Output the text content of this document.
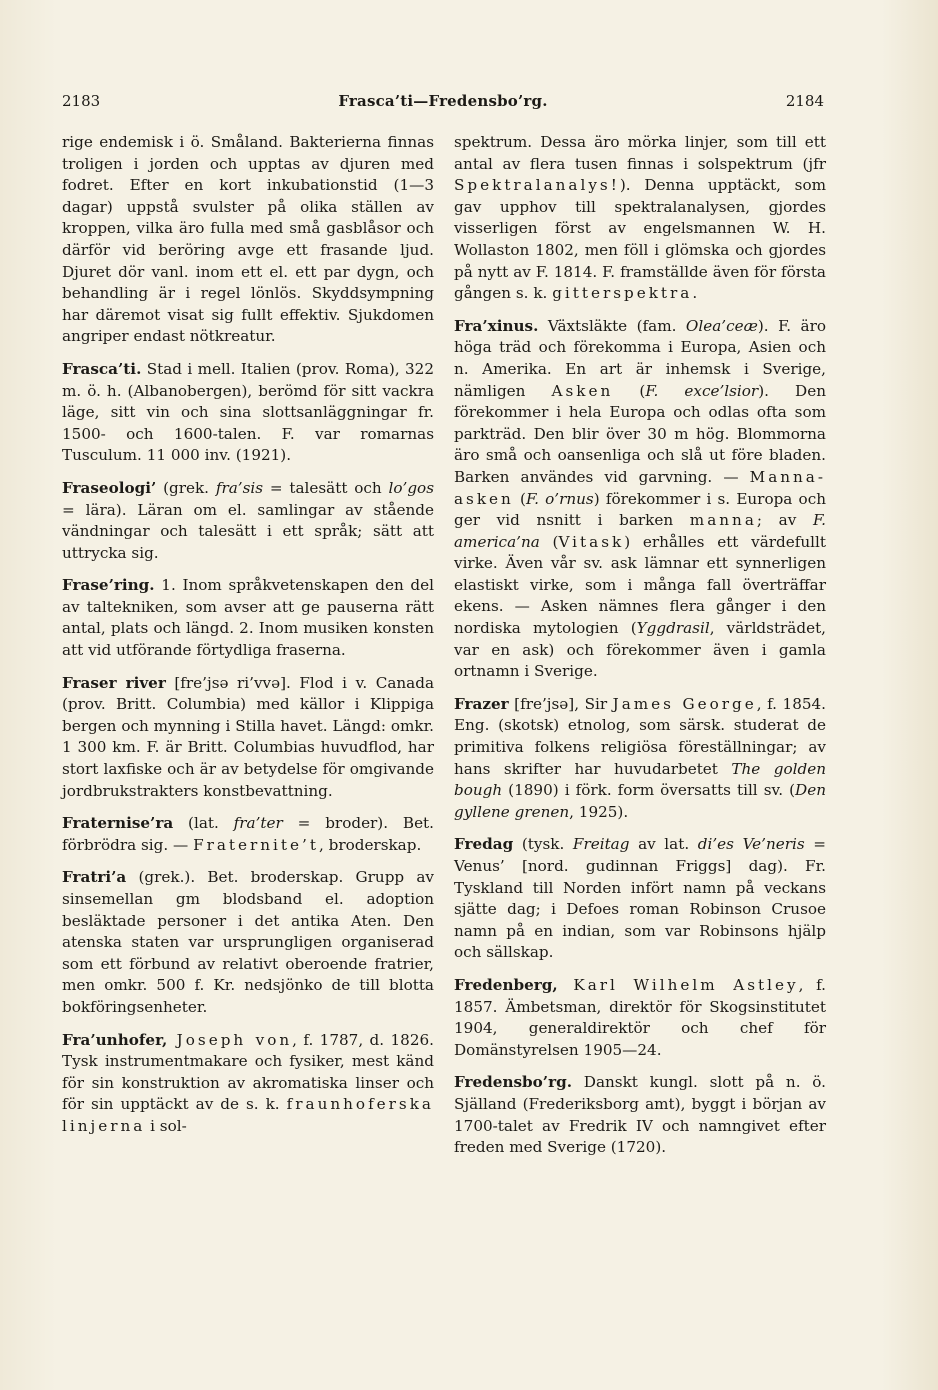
2183	Frasca’ti—Fredensbo’rg.	2184

rige endemisk i ö. Småland. Bakterierna finnas troligen i jorden och upptas av djuren med fodret. Efter en kort inkubationstid (1—3 dagar) uppstå svulster på olika ställen av kroppen, vilka äro fulla med små gasblåsor och därför vid beröring avge ett frasande ljud. Djuret dör vanl. inom ett el. ett par dygn, och behandling är i regel lönlös. Skyddsympning har däremot visat sig fullt effektiv. Sjukdomen angriper endast nötkreatur.

Frasca’ti. Stad i mell. Italien (prov. Roma), 322 m. ö. h. (Albanobergen), berömd för sitt vackra läge, sitt vin och sina slottsanläggningar fr. 1500- och 1600-talen. F. var romarnas Tusculum. 11 000 inv. (1921).

Fraseologi’ (grek. fra’sis = talesätt och lo’gos = lära). Läran om el. samlingar av stående vändningar och talesätt i ett språk; sätt att uttrycka sig.

Frase’ring. 1. Inom språkvetenskapen den del av taltekniken, som avser att ge pauserna rätt antal, plats och längd. 2. Inom musiken konsten att vid utförande förtydliga fraserna.

Fraser river [fre’jsə ri’vvə]. Flod i v. Canada (prov. Britt. Columbia) med källor i Klippiga bergen och mynning i Stilla havet. Längd: omkr. 1 300 km. F. är Britt. Columbias huvudflod, har stort laxfiske och är av betydelse för omgivande jordbrukstrakters konstbevattning.

Fraternise’ra (lat. fra’ter = broder). Bet. förbrödra sig. — Fraternite’t, broderskap.

Fratri’a (grek.). Bet. broderskap. Grupp av sinsemellan gm blodsband el. adoption besläktade personer i det antika Aten. Den atenska staten var ursprungligen organiserad som ett förbund av relativt oberoende fratrier, men omkr. 500 f. Kr. nedsjönko de till blotta bokföringsenheter.

Fra’unhofer, Joseph von, f. 1787, d. 1826. Tysk instrumentmakare och fysiker, mest känd för sin konstruktion av akromatiska linser och för sin upptäckt av de s. k. fraunhoferska linjerna i sol-

spektrum. Dessa äro mörka linjer, som till ett antal av flera tusen finnas i solspektrum (jfr Spektralanalys!). Denna upptäckt, som gav upphov till spektralanalysen, gjordes visserligen först av engelsmannen W. H. Wollaston 1802, men föll i glömska och gjordes på nytt av F. 1814. F. framställde även för första gången s. k. gitterspektra.

Fra’xinus. Växtsläkte (fam. Olea’ceæ). F. äro höga träd och förekomma i Europa, Asien och n. Amerika. En art är inhemsk i Sverige, nämligen Asken (F. exce’lsior). Den förekommer i hela Europa och odlas ofta som parkträd. Den blir över 30 m hög. Blommorna äro små och oansenliga och slå ut före bladen. Barken användes vid garvning. — Manna-asken (F. o’rnus) förekommer i s. Europa och ger vid nsnitt i barken manna; av F. america’na (Vitask) erhålles ett värdefullt virke. Även vår sv. ask lämnar ett synnerligen elastiskt virke, som i många fall överträffar ekens. — Asken nämnes flera gånger i den nordiska mytologien (Yggdrasil, världsträdet, var en ask) och förekommer även i gamla ortnamn i Sverige.

Frazer [fre’jsə], Sir James George, f. 1854. Eng. (skotsk) etnolog, som särsk. studerat de primitiva folkens religiösa föreställningar; av hans skrifter har huvudarbetet The golden bough (1890) i förk. form översatts till sv. (Den gyllene grenen, 1925).

Fredag (tysk. Freitag av lat. di’es Ve’neris = Venus’ [nord. gudinnan Friggs] dag). Fr. Tyskland till Norden infört namn på veckans sjätte dag; i Defoes roman Robinson Crusoe namn på en indian, som var Robinsons hjälp och sällskap.

Fredenberg, Karl Wilhelm Astley, f. 1857. Ämbetsman, direktör för Skogsinstitutet 1904, generaldirektör och chef för Domänstyrelsen 1905—24.

Fredensbo’rg. Danskt kungl. slott på n. ö. Själland (Frederiksborg amt), byggt i början av 1700-talet av Fredrik IV och namngivet efter freden med Sverige (1720).
